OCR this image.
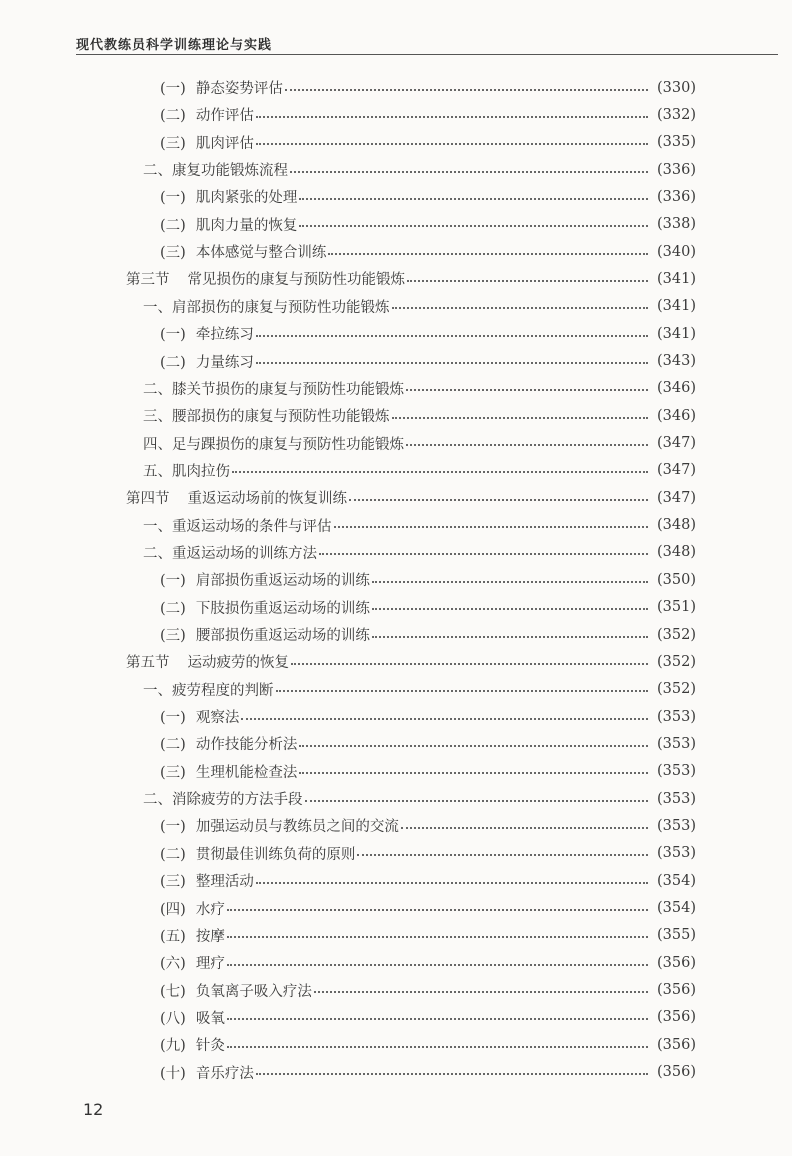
现代教练员科学训练理论与实践
(一) 静态姿势评估	(330)
(二) 动作评估	(332)
(三) 肌肉评估	(335)
二、康复功能锻炼流程	(336)
(一) 肌肉紧张的处理	(336)
(二) 肌肉力量的恢复	(338)
(三) 本体感觉与整合训练	(340)
第三节 常见损伤的康复与预防性功能锻炼	(341)
一、肩部损伤的康复与预防性功能锻炼	(341)
(一) 牵拉练习	(341)
(二) 力量练习	(343)
二、膝关节损伤的康复与预防性功能锻炼	(346)
三、腰部损伤的康复与预防性功能锻炼	(346)
四、足与踝损伤的康复与预防性功能锻炼	(347)
五、肌肉拉伤	(347)
第四节 重返运动场前的恢复训练	(347)
一、重返运动场的条件与评估	(348)
二、重返运动场的训练方法	(348)
(一) 肩部损伤重返运动场的训练	(350)
(二) 下肢损伤重返运动场的训练	(351)
(三) 腰部损伤重返运动场的训练	(352)
第五节 运动疲劳的恢复	(352)
一、疲劳程度的判断	(352)
(一) 观察法	(353)
(二) 动作技能分析法	(353)
(三) 生理机能检查法	(353)
二、消除疲劳的方法手段	(353)
(一) 加强运动员与教练员之间的交流	(353)
(二) 贯彻最佳训练负荷的原则	(353)
(三) 整理活动	(354)
(四) 水疗	(354)
(五) 按摩	(355)
(六) 理疗	(356)
(七) 负氧离子吸入疗法	(356)
(八) 吸氧	(356)
(九) 针灸	(356)
(十) 音乐疗法	(356)
12
